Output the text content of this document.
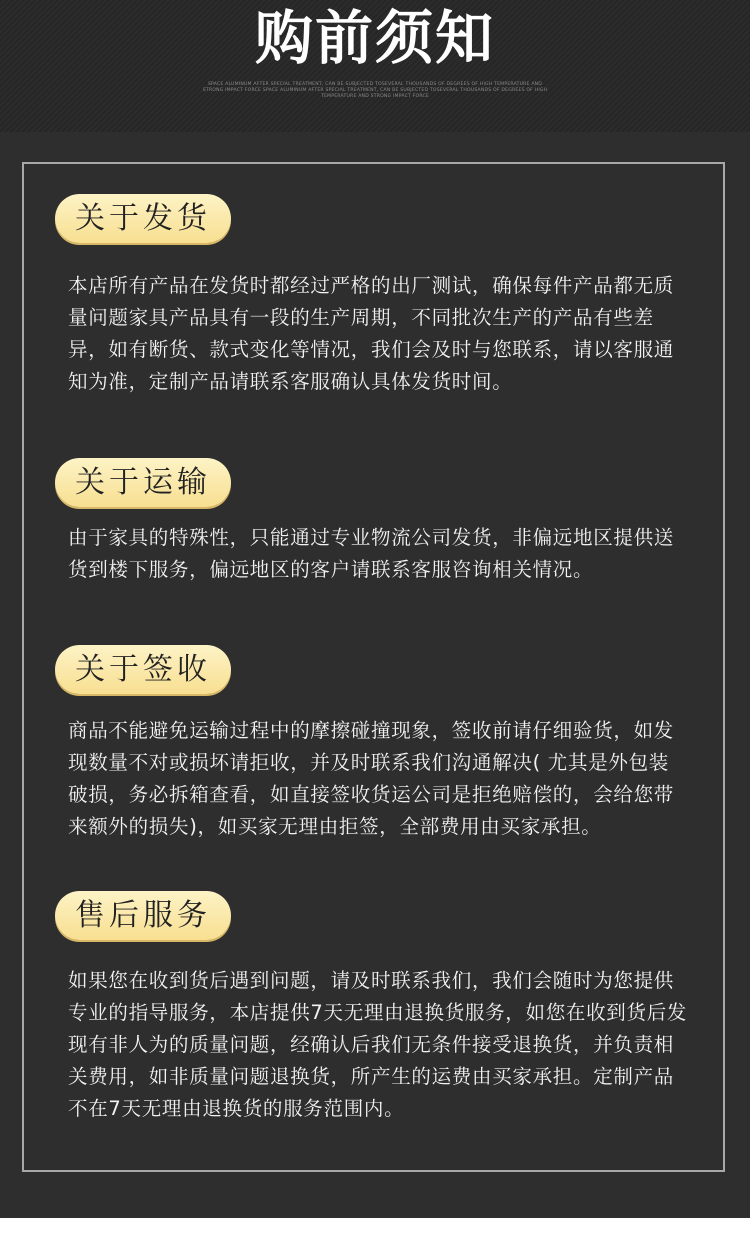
购前须知
SPACE ALUMINUM AFTER SPECIAL TREATMENT, CAN BE SUBJECTED TOSEVERAL THOUSANDS OF DEGREES OF HIGH TEMPERATURE AND STRONG IMPACT FORCE SPACE ALUMINUM AFTER SPECIAL TREATMENT, CAN BE SUBJECTED TOSEVERAL THOUSANDS OF DEGREES OF HIGH TEMPERATURE AND STRONG IMPACT FORCE
关于发货

本店所有产品在发货时都经过严格的出厂测试，确保每件产品都无质量问题家具产品具有一段的生产周期，不同批次生产的产品有些差异，如有断货、款式变化等情况，我们会及时与您联系，请以客服通知为准，定制产品请联系客服确认具体发货时间。

关于运输

由于家具的特殊性，只能通过专业物流公司发货，非偏远地区提供送货到楼下服务，偏远地区的客户请联系客服咨询相关情况。

关于签收

商品不能避免运输过程中的摩擦碰撞现象，签收前请仔细验货，如发现数量不对或损坏请拒收，并及时联系我们沟通解决( 尤其是外包装破损，务必拆箱查看，如直接签收货运公司是拒绝赔偿的，会给您带来额外的损失)，如买家无理由拒签，全部费用由买家承担。

售后服务

如果您在收到货后遇到问题，请及时联系我们，我们会随时为您提供专业的指导服务，本店提供7天无理由退换货服务，如您在收到货后发现有非人为的质量问题，经确认后我们无条件接受退换货，并负责相关费用，如非质量问题退换货，所产生的运费由买家承担。定制产品不在7天无理由退换货的服务范围内。
